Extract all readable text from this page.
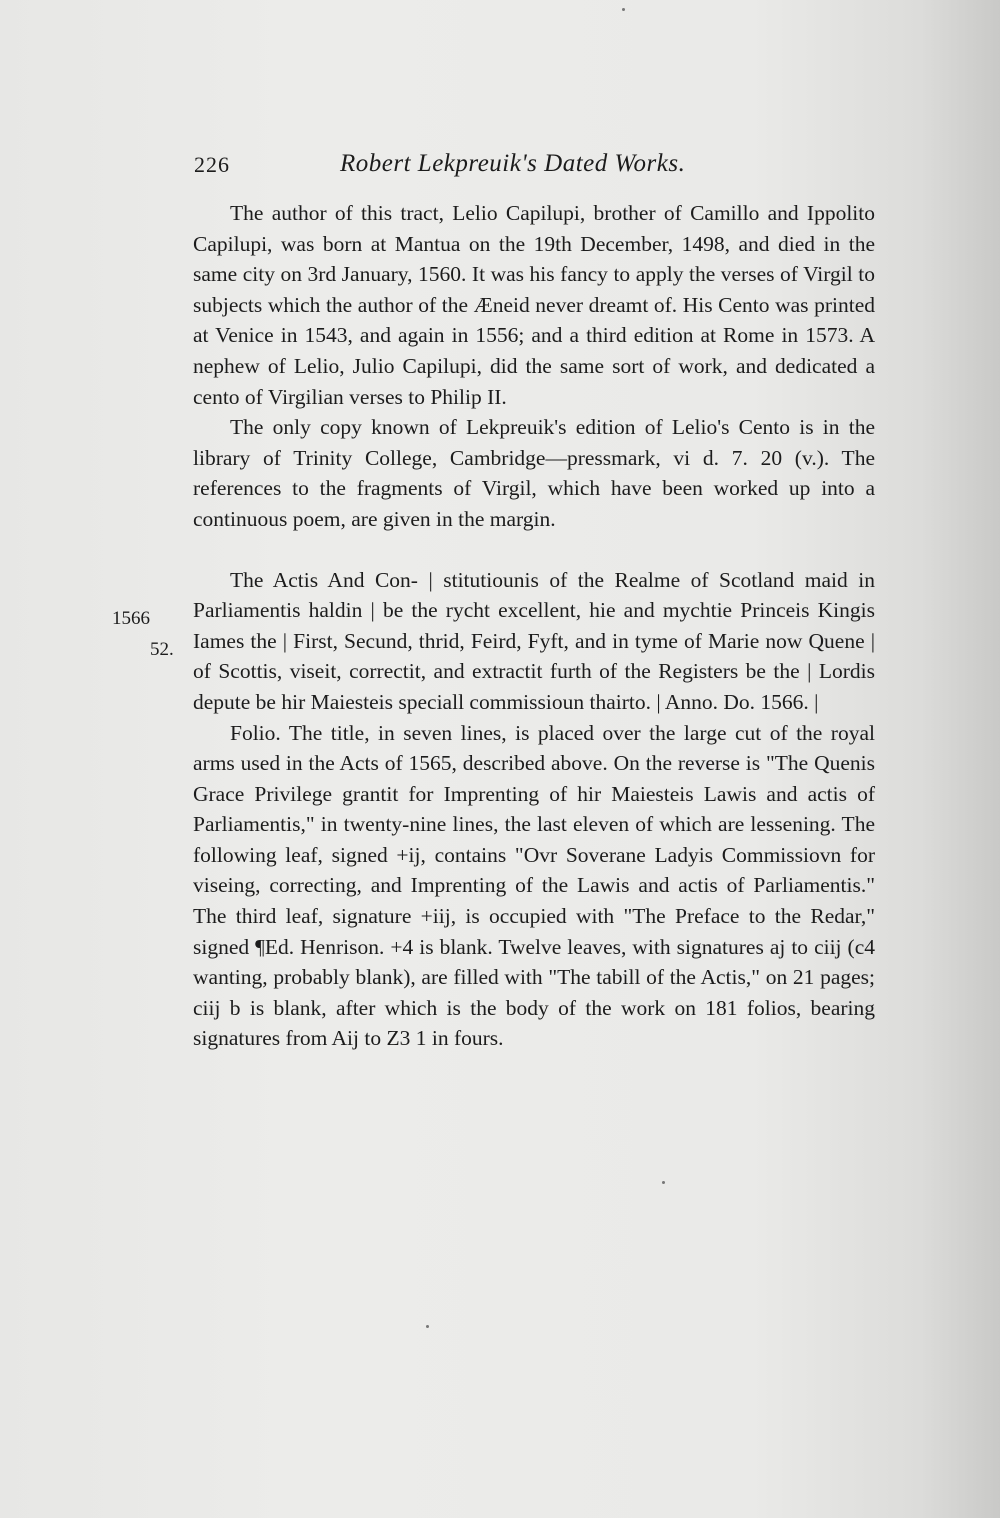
226	Robert Lekpreuik's Dated Works.
1566
52.

The author of this tract, Lelio Capilupi, brother of Camillo and Ippolito Capilupi, was born at Mantua on the 19th December, 1498, and died in the same city on 3rd January, 1560. It was his fancy to apply the verses of Virgil to subjects which the author of the Æneid never dreamt of. His Cento was printed at Venice in 1543, and again in 1556; and a third edition at Rome in 1573. A nephew of Lelio, Julio Capilupi, did the same sort of work, and dedicated a cento of Virgilian verses to Philip II.

The only copy known of Lekpreuik's edition of Lelio's Cento is in the library of Trinity College, Cambridge—pressmark, vi d. 7. 20 (v.). The references to the fragments of Virgil, which have been worked up into a continuous poem, are given in the margin.

The Actis And Con- | stitutiounis of the Realme of Scotland maid in Parliamentis haldin | be the rycht excellent, hie and mychtie Princeis Kingis Iames the | First, Secund, thrid, Feird, Fyft, and in tyme of Marie now Quene | of Scottis, viseit, correctit, and extractit furth of the Registers be the | Lordis depute be hir Maiesteis speciall commissioun thairto. | Anno. Do. 1566. |

Folio. The title, in seven lines, is placed over the large cut of the royal arms used in the Acts of 1565, described above. On the reverse is "The Quenis Grace Privilege grantit for Imprenting of hir Maiesteis Lawis and actis of Parliamentis," in twenty-nine lines, the last eleven of which are lessening. The following leaf, signed +ij, contains "Ovr Soverane Ladyis Commissiovn for viseing, correcting, and Imprenting of the Lawis and actis of Parliamentis." The third leaf, signature +iij, is occupied with "The Preface to the Redar," signed ¶Ed. Henrison. +4 is blank. Twelve leaves, with signatures aj to ciij (c4 wanting, probably blank), are filled with "The tabill of the Actis," on 21 pages; ciij b is blank, after which is the body of the work on 181 folios, bearing signatures from Aij to Z3 1 in fours.
